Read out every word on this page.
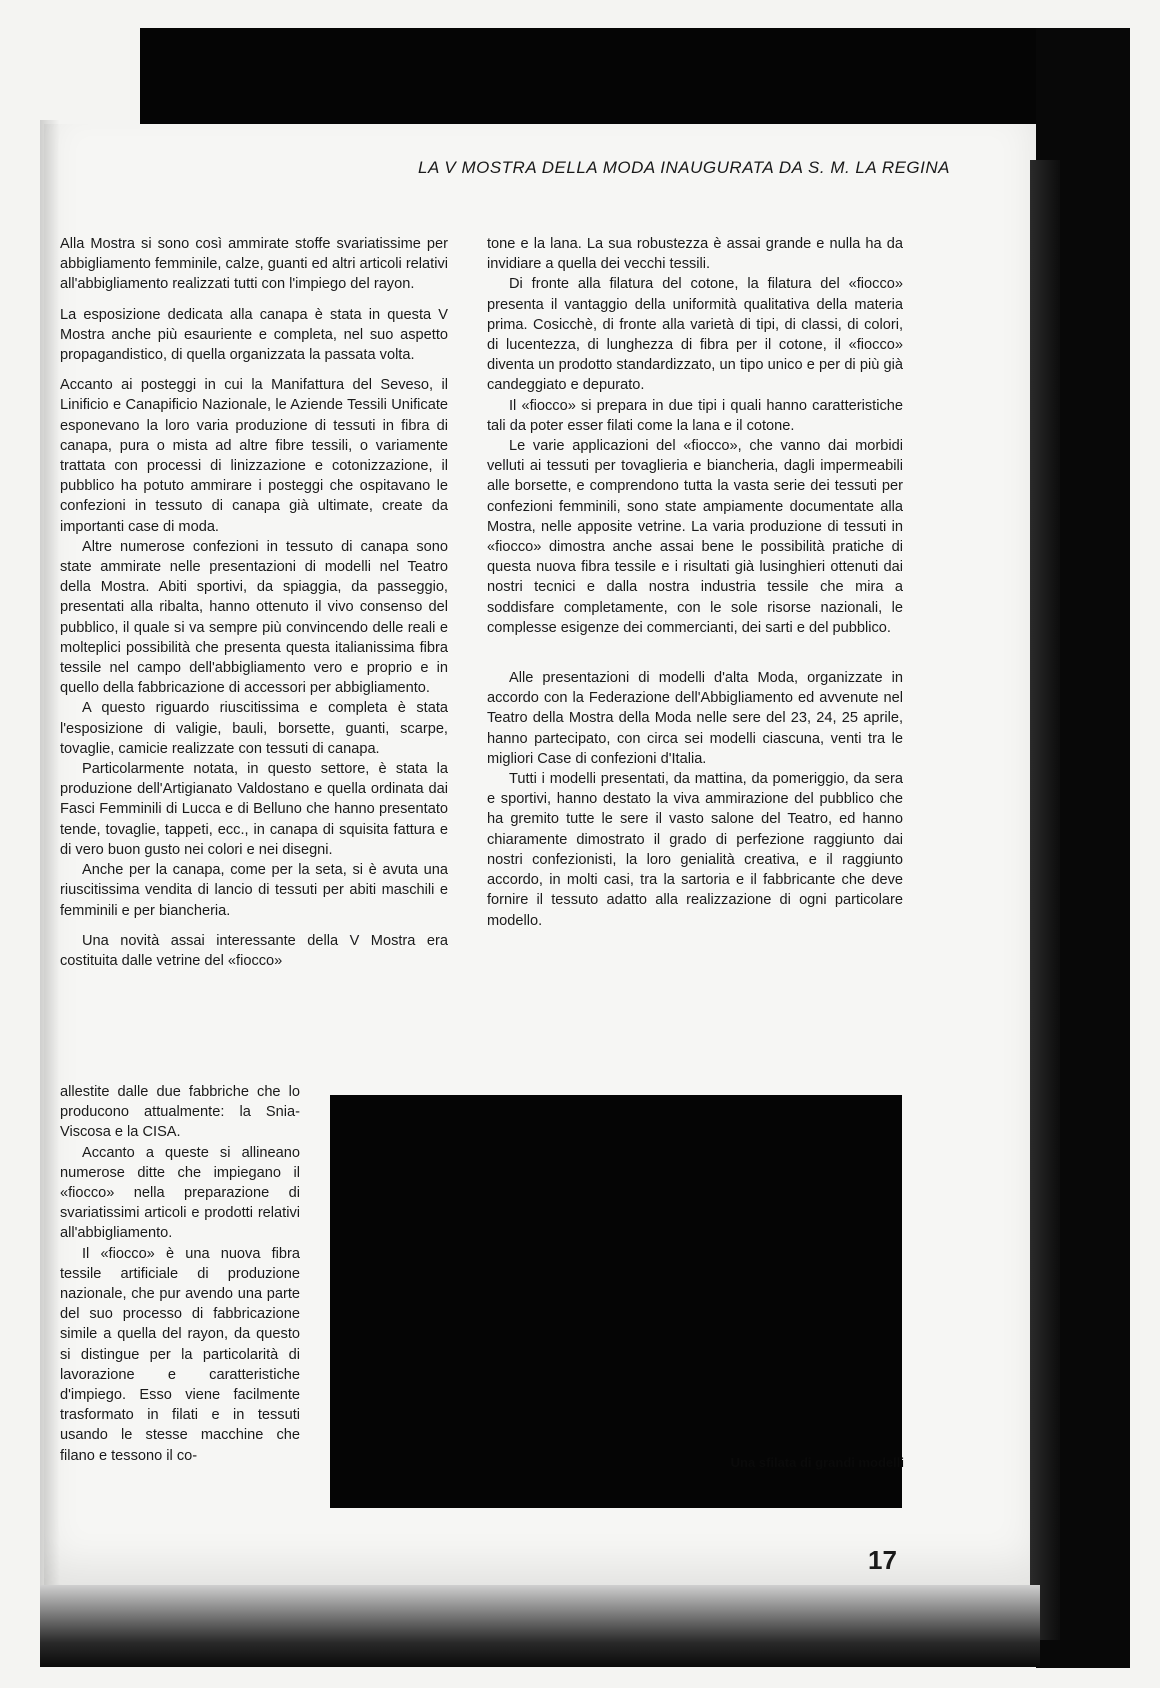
LA V MOSTRA DELLA MODA INAUGURATA DA S. M. LA REGINA

Alla Mostra si sono così ammirate stoffe svariatissime per abbigliamento femminile, calze, guanti ed altri articoli relativi all'abbigliamento realizzati tutti con l'impiego del rayon.

La esposizione dedicata alla canapa è stata in questa V Mostra anche più esauriente e completa, nel suo aspetto propagandistico, di quella organizzata la passata volta.

Accanto ai posteggi in cui la Manifattura del Seveso, il Linificio e Canapificio Nazionale, le Aziende Tessili Unificate esponevano la loro varia produzione di tessuti in fibra di canapa, pura o mista ad altre fibre tessili, o variamente trattata con processi di linizzazione e cotonizzazione, il pubblico ha potuto ammirare i posteggi che ospitavano le confezioni in tessuto di canapa già ultimate, create da importanti case di moda.

Altre numerose confezioni in tessuto di canapa sono state ammirate nelle presentazioni di modelli nel Teatro della Mostra. Abiti sportivi, da spiaggia, da passeggio, presentati alla ribalta, hanno ottenuto il vivo consenso del pubblico, il quale si va sempre più convincendo delle reali e molteplici possibilità che presenta questa italianissima fibra tessile nel campo dell'abbigliamento vero e proprio e in quello della fabbricazione di accessori per abbigliamento.

A questo riguardo riuscitissima e completa è stata l'esposizione di valigie, bauli, borsette, guanti, scarpe, tovaglie, camicie realizzate con tessuti di canapa.

Particolarmente notata, in questo settore, è stata la produzione dell'Artigianato Valdostano e quella ordinata dai Fasci Femminili di Lucca e di Belluno che hanno presentato tende, tovaglie, tappeti, ecc., in canapa di squisita fattura e di vero buon gusto nei colori e nei disegni.

Anche per la canapa, come per la seta, si è avuta una riuscitissima vendita di lancio di tessuti per abiti maschili e femminili e per biancheria.

Una novità assai interessante della V Mostra era costituita dalle vetrine del «fiocco»

allestite dalle due fabbriche che lo producono attualmente: la Snia-Viscosa e la CISA.

Accanto a queste si allineano numerose ditte che impiegano il «fiocco» nella preparazione di svariatissimi articoli e prodotti relativi all'abbigliamento.

Il «fiocco» è una nuova fibra tessile artificiale di produzione nazionale, che pur avendo una parte del suo processo di fabbricazione simile a quella del rayon, da questo si distingue per la particolarità di lavorazione e caratteristiche d'impiego. Esso viene facilmente trasformato in filati e in tessuti usando le stesse macchine che filano e tessono il co-

tone e la lana. La sua robustezza è assai grande e nulla ha da invidiare a quella dei vecchi tessili.

Di fronte alla filatura del cotone, la filatura del «fiocco» presenta il vantaggio della uniformità qualitativa della materia prima. Cosicchè, di fronte alla varietà di tipi, di classi, di colori, di lucentezza, di lunghezza di fibra per il cotone, il «fiocco» diventa un prodotto standardizzato, un tipo unico e per di più già candeggiato e depurato.

Il «fiocco» si prepara in due tipi i quali hanno caratteristiche tali da poter esser filati come la lana e il cotone.

Le varie applicazioni del «fiocco», che vanno dai morbidi velluti ai tessuti per tovaglieria e biancheria, dagli impermeabili alle borsette, e comprendono tutta la vasta serie dei tessuti per confezioni femminili, sono state ampiamente documentate alla Mostra, nelle apposite vetrine. La varia produzione di tessuti in «fiocco» dimostra anche assai bene le possibilità pratiche di questa nuova fibra tessile e i risultati già lusinghieri ottenuti dai nostri tecnici e dalla nostra industria tessile che mira a soddisfare completamente, con le sole risorse nazionali, le complesse esigenze dei commercianti, dei sarti e del pubblico.

Alle presentazioni di modelli d'alta Moda, organizzate in accordo con la Federazione dell'Abbigliamento ed avvenute nel Teatro della Mostra della Moda nelle sere del 23, 24, 25 aprile, hanno partecipato, con circa sei modelli ciascuna, venti tra le migliori Case di confezioni d'Italia.

Tutti i modelli presentati, da mattina, da pomeriggio, da sera e sportivi, hanno destato la viva ammirazione del pubblico che ha gremito tutte le sere il vasto salone del Teatro, ed hanno chiaramente dimostrato il grado di perfezione raggiunto dai nostri confezionisti, la loro genialità creativa, e il raggiunto accordo, in molti casi, tra la sartoria e il fabbricante che deve fornire il tessuto adatto alla realizzazione di ogni particolare modello.

Una sfilata di grandi modelli
17
